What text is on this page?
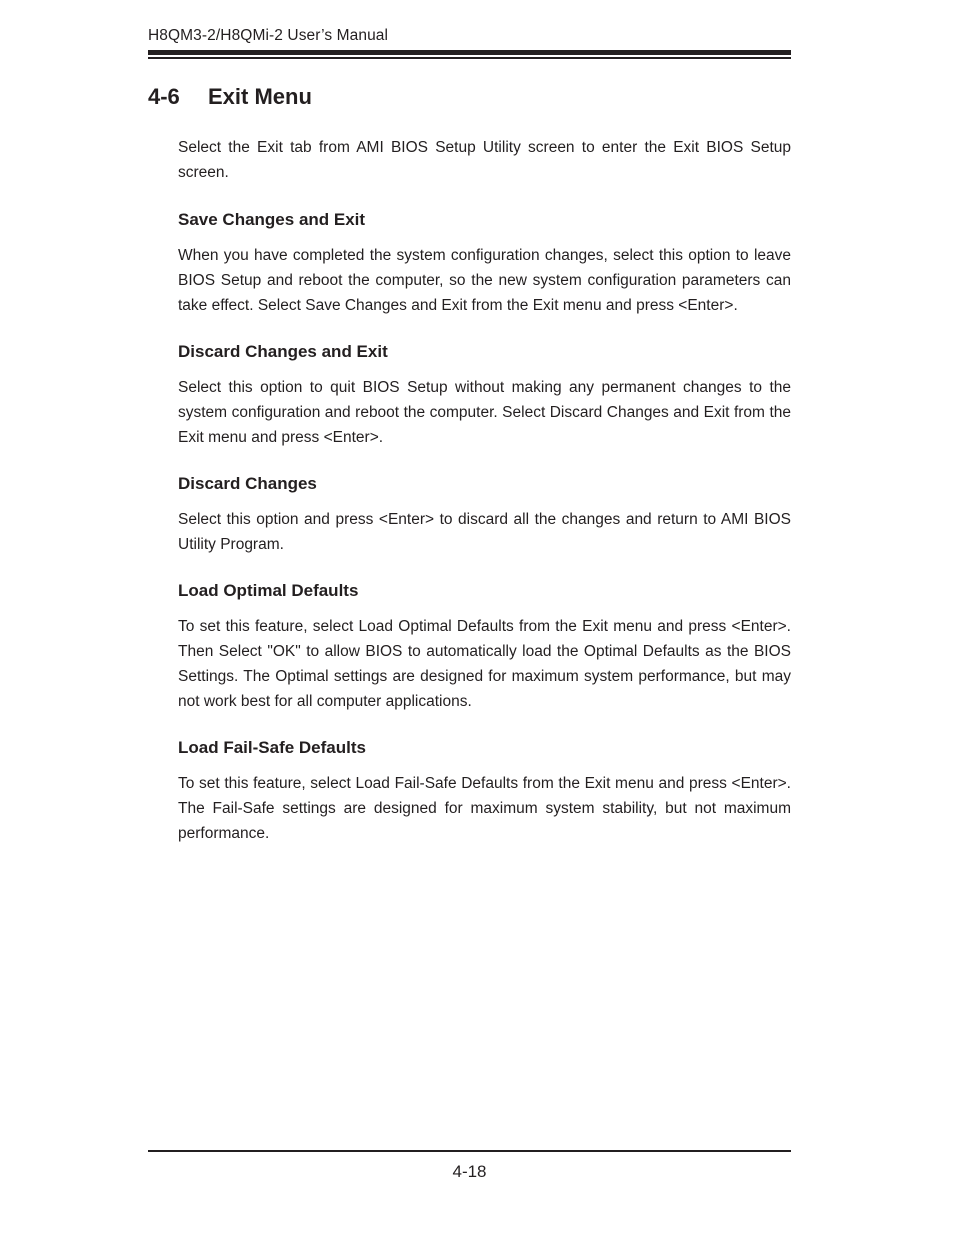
H8QM3-2/H8QMi-2 User’s Manual
4-6 Exit Menu

Select the Exit tab from AMI BIOS Setup Utility screen to enter the Exit BIOS Setup screen.

Save Changes and Exit

When you have completed the system configuration changes, select this option to leave BIOS Setup and reboot the computer, so the new system configuration parameters can take effect. Select Save Changes and Exit from the Exit menu and press <Enter>.

Discard Changes and Exit

Select this option to quit BIOS Setup without making any permanent changes to the system configuration and reboot the computer. Select Discard Changes and Exit from the Exit menu and press <Enter>.

Discard Changes

Select this option and press <Enter> to discard all the changes and return to AMI BIOS Utility Program.

Load Optimal Defaults

To set this feature, select Load Optimal Defaults from the Exit menu and press <Enter>. Then Select "OK" to allow BIOS to automatically load the Optimal Defaults as the BIOS Settings. The Optimal settings are designed for maximum system performance, but may not work best for all computer applications.

Load Fail-Safe Defaults

To set this feature, select Load Fail-Safe Defaults from the Exit menu and press <Enter>. The Fail-Safe settings are designed for maximum system stability, but not maximum performance.

4-18
